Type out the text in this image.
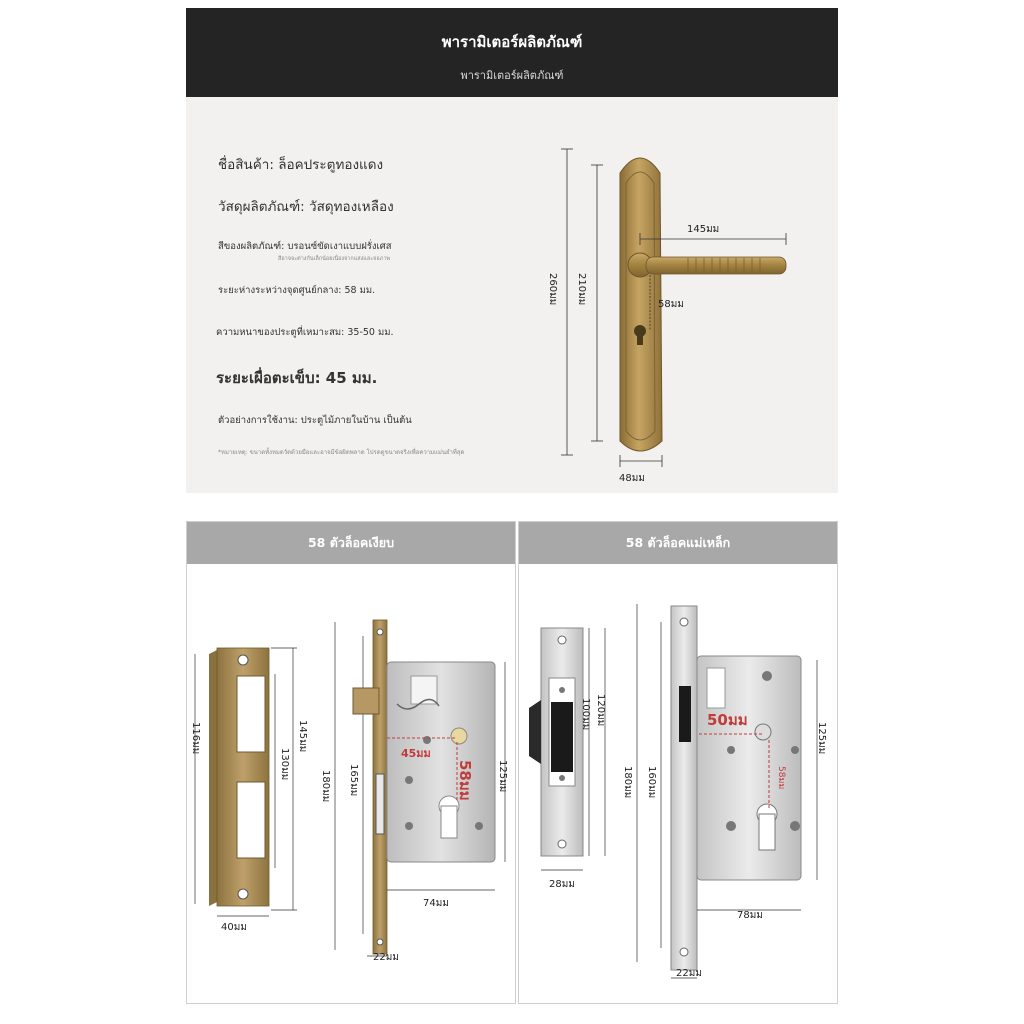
พารามิเตอร์ผลิตภัณฑ์
พารามิเตอร์ผลิตภัณฑ์
ชื่อสินค้า: ล็อคประตูทองแดง
วัสดุผลิตภัณฑ์: วัสดุทองเหลือง
สีของผลิตภัณฑ์: บรอนซ์ขัดเงาแบบฝรั่งเศส
สีอาจจะต่างกันเล็กน้อยเนื่องจากแสงและจอภาพ
ระยะห่างระหว่างจุดศูนย์กลาง: 58 มม.
ความหนาของประตูที่เหมาะสม: 35-50 มม.
ระยะเผื่อตะเข็บ: 45 มม.
ตัวอย่างการใช้งาน: ประตูไม้ภายในบ้าน เป็นต้น
*หมายเหตุ: ขนาดทั้งหมดวัดด้วยมือและอาจมีข้อผิดพลาด โปรดดูขนาดจริงเพื่อความแม่นยำที่สุด
260มม 210มม
145มม
58มม
48มม
58 ตัวล็อคเงียบ
116มม	145มม
130มม
40มม
180มม 165มม	125มม
45มม
58มม
74มม
22มม
58 ตัวล็อคแม่เหล็ก
120มม
100มม
28มม
180มม 160มม
125มม
50มม
58มม
78มม
22มม
